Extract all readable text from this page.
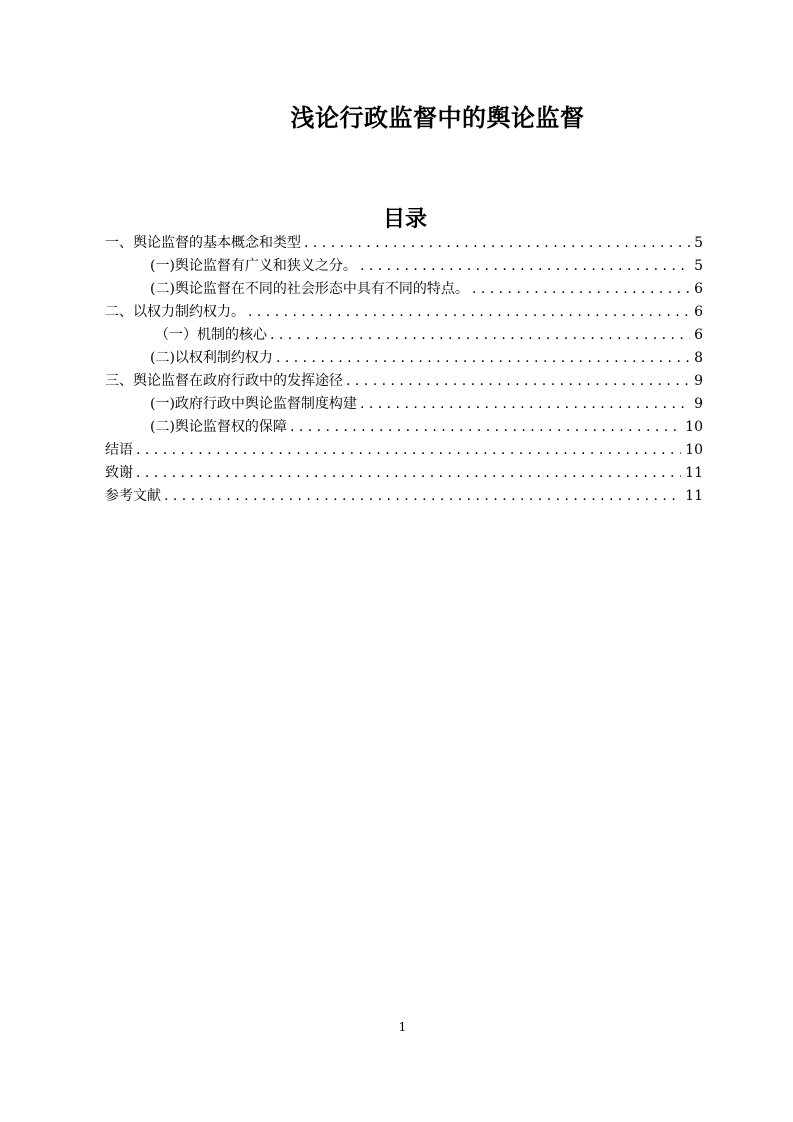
浅论行政监督中的舆论监督
目录
一、 舆论监督的基本概念和类型 . . .	5
(一)舆论监督有广义和狭义之分。 . . .	5
(二)舆论监督在不同的社会形态中具有不同的特点。 . . .	6
二、 以权力制约权力。 . . .	6
（一）机制的核心 . . .	6
(二)以权利制约权力 . . .	8
三、 舆论监督在政府行政中的发挥途径 . . .	9
(一)政府行政中舆论监督制度构建 . . .	9
(二)舆论监督权的保障 . . .	10
结语 . . .	10
致谢 . . .	11
参考文献 . . .	11
1
